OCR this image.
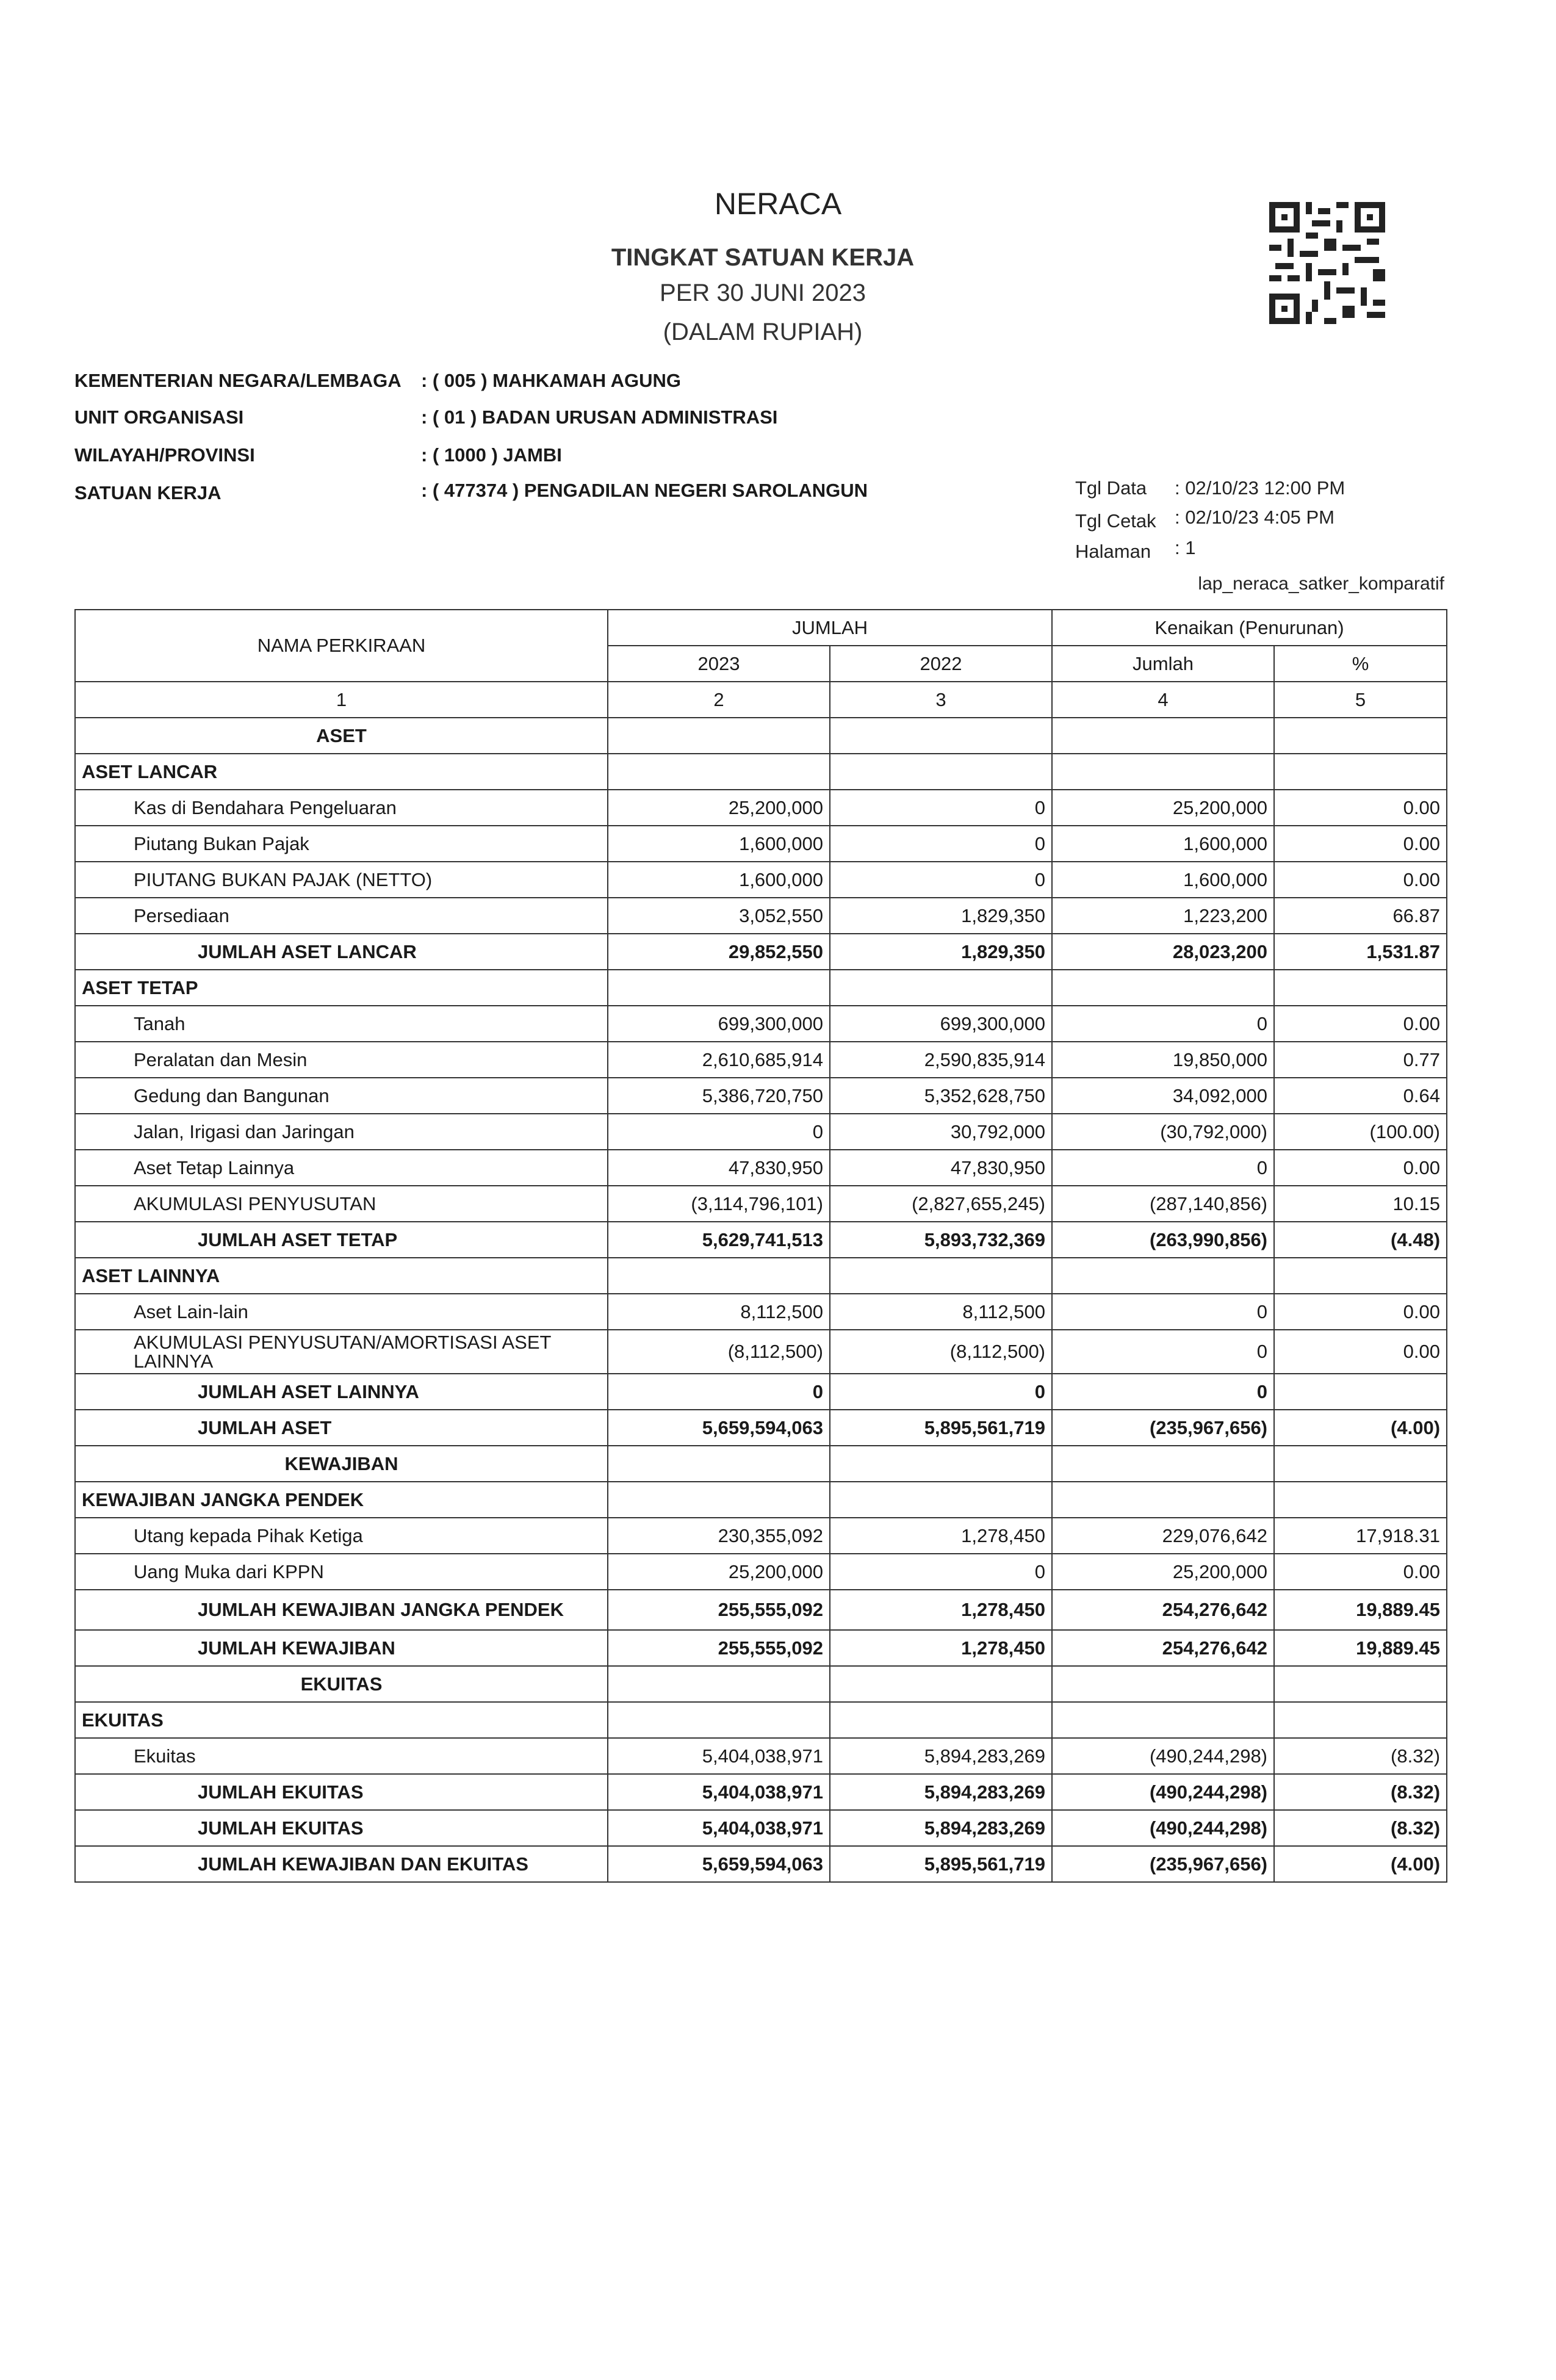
NERACA
TINGKAT SATUAN KERJA
PER 30 JUNI 2023
(DALAM RUPIAH)
KEMENTERIAN NEGARA/LEMBAGA : ( 005 ) MAHKAMAH AGUNG
UNIT ORGANISASI	: ( 01 ) BADAN URUSAN ADMINISTRASI
WILAYAH/PROVINSI	: ( 1000 ) JAMBI
SATUAN KERJA	: ( 477374 ) PENGADILAN NEGERI SAROLANGUN	Tgl Data : 02/10/23 12:00 PM
Tgl Cetak : 02/10/23 4:05 PM
Halaman : 1
lap_neraca_satker_komparatif
NAMA PERKIRAAN	JUMLAH		Kenaikan (Penurunan)	
	2023	2022	Jumlah	%
1	2	3	4	5
ASET				
ASET LANCAR				
Kas di Bendahara Pengeluaran	25,200,000	0	25,200,000	0.00
Piutang Bukan Pajak	1,600,000	0	1,600,000	0.00
PIUTANG BUKAN PAJAK (NETTO)	1,600,000	0	1,600,000	0.00
Persediaan	3,052,550	1,829,350	1,223,200	66.87
JUMLAH ASET LANCAR	29,852,550	1,829,350	28,023,200	1,531.87
ASET TETAP				
Tanah	699,300,000	699,300,000	0	0.00
Peralatan dan Mesin	2,610,685,914	2,590,835,914	19,850,000	0.77
Gedung dan Bangunan	5,386,720,750	5,352,628,750	34,092,000	0.64
Jalan, Irigasi dan Jaringan	0	30,792,000	(30,792,000)	(100.00)
Aset Tetap Lainnya	47,830,950	47,830,950	0	0.00
AKUMULASI PENYUSUTAN	(3,114,796,101)	(2,827,655,245)	(287,140,856)	10.15
JUMLAH ASET TETAP	5,629,741,513	5,893,732,369	(263,990,856)	(4.48)
ASET LAINNYA				
Aset Lain-lain	8,112,500	8,112,500	0	0.00
AKUMULASI PENYUSUTAN/AMORTISASI ASET LAINNYA	(8,112,500)	(8,112,500)	0	0.00
JUMLAH ASET LAINNYA	0	0	0	
JUMLAH ASET	5,659,594,063	5,895,561,719	(235,967,656)	(4.00)
KEWAJIBAN				
KEWAJIBAN JANGKA PENDEK				
Utang kepada Pihak Ketiga	230,355,092	1,278,450	229,076,642	17,918.31
Uang Muka dari KPPN	25,200,000	0	25,200,000	0.00
JUMLAH KEWAJIBAN JANGKA PENDEK	255,555,092	1,278,450	254,276,642	19,889.45
JUMLAH KEWAJIBAN	255,555,092	1,278,450	254,276,642	19,889.45
EKUITAS				
EKUITAS				
Ekuitas	5,404,038,971	5,894,283,269	(490,244,298)	(8.32)
JUMLAH EKUITAS	5,404,038,971	5,894,283,269	(490,244,298)	(8.32)
JUMLAH EKUITAS	5,404,038,971	5,894,283,269	(490,244,298)	(8.32)
JUMLAH KEWAJIBAN DAN EKUITAS	5,659,594,063	5,895,561,719	(235,967,656)	(4.00)
